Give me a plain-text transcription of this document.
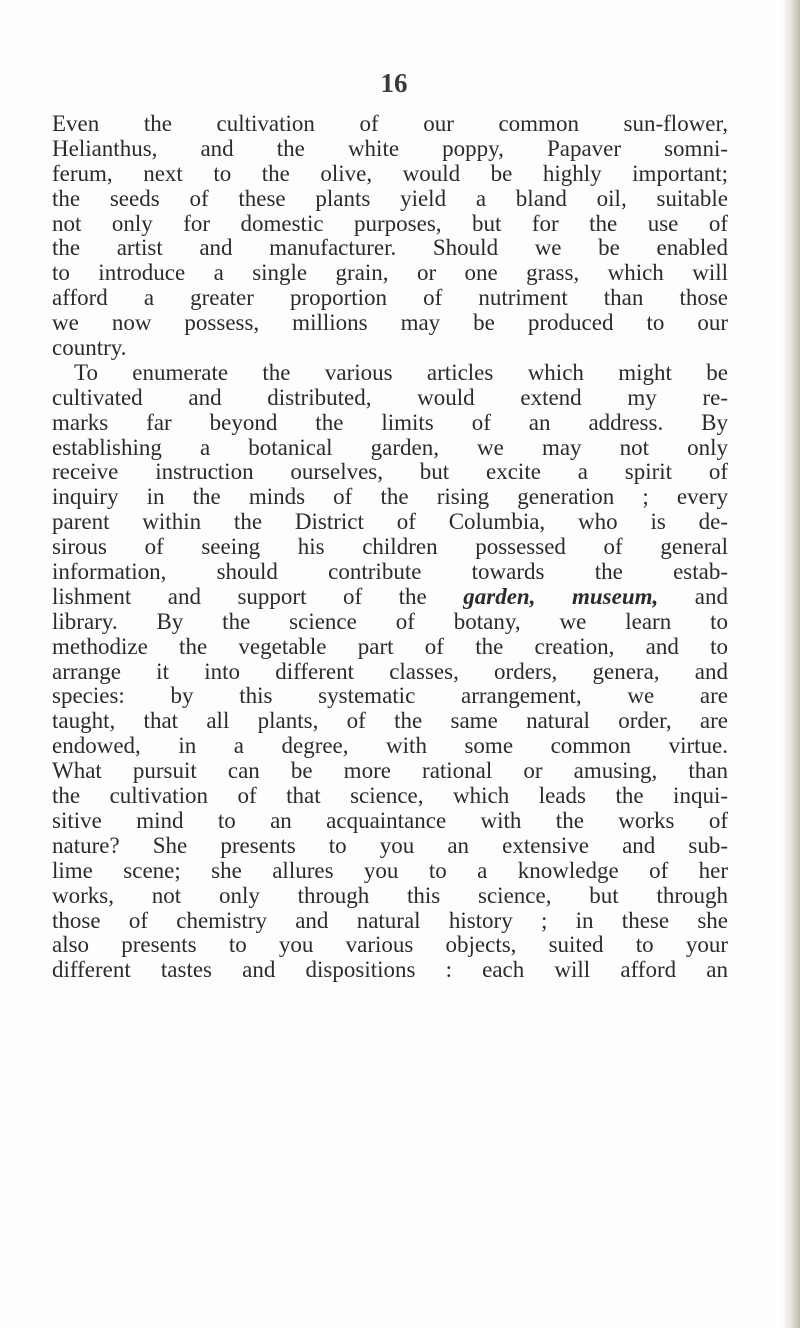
16

Even the cultivation of our common sun-flower,
Helianthus, and the white poppy, Papaver somni-
ferum, next to the olive, would be highly important;
the seeds of these plants yield a bland oil, suitable
not only for domestic purposes, but for the use of
the artist and manufacturer. Should we be enabled
to introduce a single grain, or one grass, which will
afford a greater proportion of nutriment than those
we now possess, millions may be produced to our
country.
To enumerate the various articles which might be
cultivated and distributed, would extend my re-
marks far beyond the limits of an address. By
establishing a botanical garden, we may not only
receive instruction ourselves, but excite a spirit of
inquiry in the minds of the rising generation ; every
parent within the District of Columbia, who is de-
sirous of seeing his children possessed of general
information, should contribute towards the estab-
lishment and support of the garden, museum, and
library. By the science of botany, we learn to
methodize the vegetable part of the creation, and to
arrange it into different classes, orders, genera, and
species: by this systematic arrangement, we are
taught, that all plants, of the same natural order, are
endowed, in a degree, with some common virtue.
What pursuit can be more rational or amusing, than
the cultivation of that science, which leads the inqui-
sitive mind to an acquaintance with the works of
nature? She presents to you an extensive and sub-
lime scene; she allures you to a knowledge of her
works, not only through this science, but through
those of chemistry and natural history ; in these she
also presents to you various objects, suited to your
different tastes and dispositions : each will afford an
